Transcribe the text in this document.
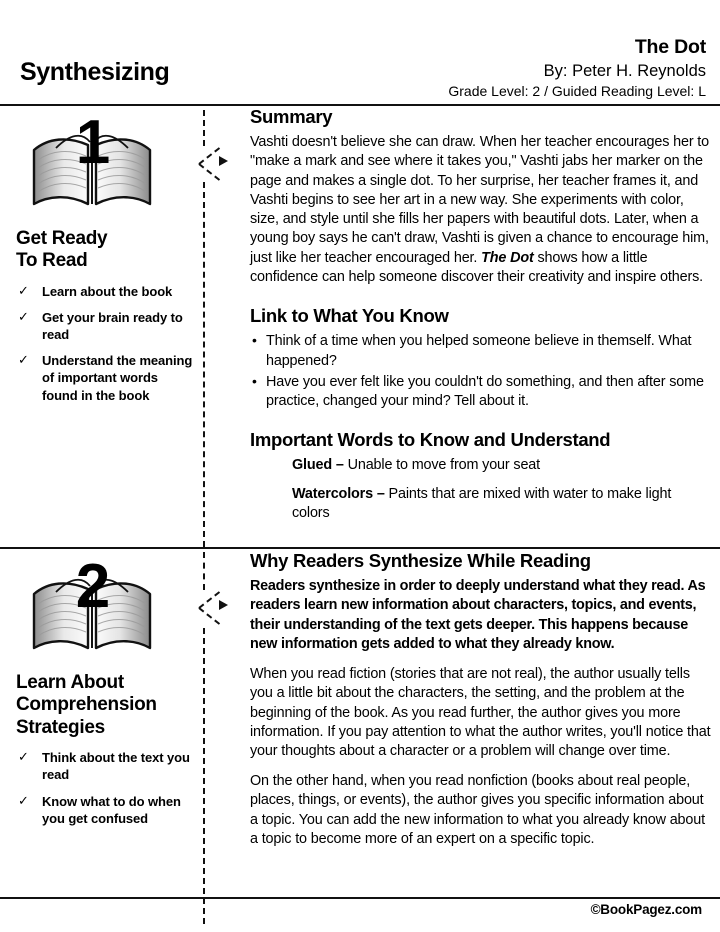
Synthesizing
The Dot
By: Peter H. Reynolds
Grade Level: 2 / Guided Reading Level: L
1
Get Ready
To Read
✓ Learn about the book
✓ Get your brain ready to read
✓ Understand the meaning of important words found in the book
Summary

Vashti doesn't believe she can draw. When her teacher encourages her to "make a mark and see where it takes you," Vashti jabs her marker on the page and makes a single dot. To her surprise, her teacher frames it, and Vashti begins to see her art in a new way. She experiments with color, size, and style until she fills her papers with beautiful dots. Later, when a young boy says he can't draw, Vashti is given a chance to encourage him, just like her teacher encouraged her. The Dot shows how a little confidence can help someone discover their creativity and inspire others.

Link to What You Know
• Think of a time when you helped someone believe in themself. What happened?
• Have you ever felt like you couldn't do something, and then after some practice, changed your mind? Tell about it.
Important Words to Know and Understand
Glued – Unable to move from your seat
Watercolors – Paints that are mixed with water to make light colors
2
Learn About
Comprehension
Strategies
✓ Think about the text you read
✓ Know what to do when you get confused
Why Readers Synthesize While Reading

Readers synthesize in order to deeply understand what they read. As readers learn new information about characters, topics, and events, their understanding of the text gets deeper. This happens because new information gets added to what they already know.

When you read fiction (stories that are not real), the author usually tells you a little bit about the characters, the setting, and the problem at the beginning of the book. As you read further, the author gives you more information. If you pay attention to what the author writes, you'll notice that your thoughts about a character or a problem will change over time.

On the other hand, when you read nonfiction (books about real people, places, things, or events), the author gives you specific information about a topic. You can add the new information to what you already know about a topic to become more of an expert on a specific topic.

©BookPagez.com
